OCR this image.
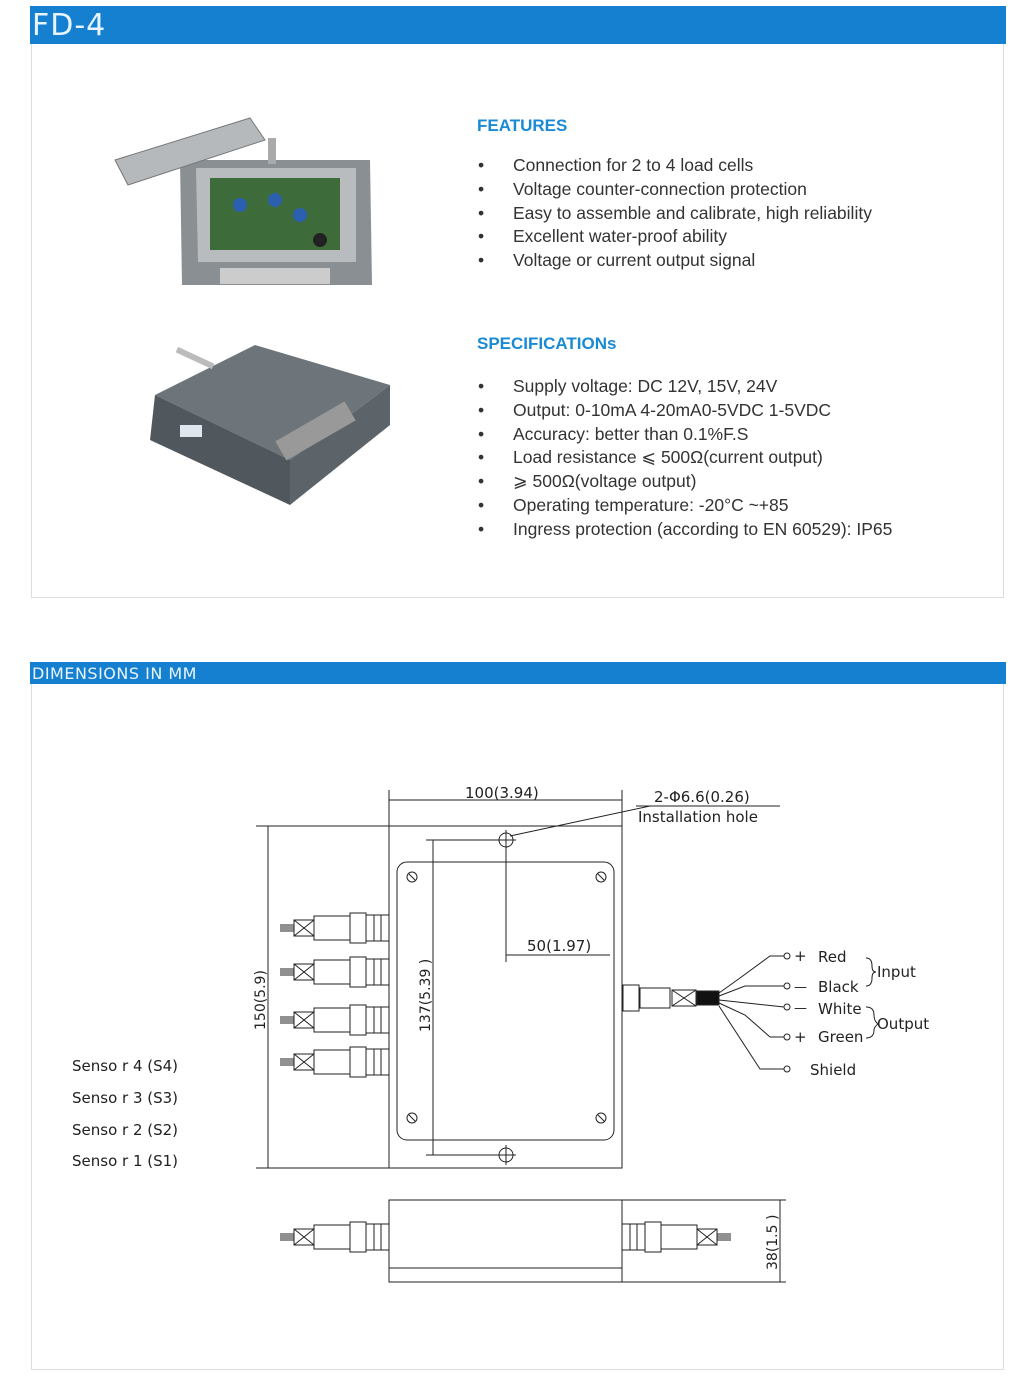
FD-4
FEATURES
• Connection for 2 to 4 load cells
• Voltage counter-connection protection
• Easy to assemble and calibrate, high reliability
• Excellent water-proof ability
• Voltage or current output signal
SPECIFICATIONs
• Supply voltage: DC 12V, 15V, 24V
• Output: 0-10mA 4-20mA0-5VDC 1-5VDC
• Accuracy: better than 0.1%F.S
• Load resistance ⩽ 500Ω(current output)
• ⩾ 500Ω(voltage output)
• Operating temperature: -20°C ~+85
• Ingress protection (according to EN 60529): IP65
DIMENSIONS IN MM
100(3.94)	2-Φ6.6(0.26)
Installation hole
50(1.97)
150(5.9)	137(5.39 )
+
—
—
+
Red
Black
White
Green
Shield
Input
Output
Senso r 4 (S4)
Senso r 3 (S3)
Senso r 2 (S2)
Senso r 1 (S1)
38(1.5 )
